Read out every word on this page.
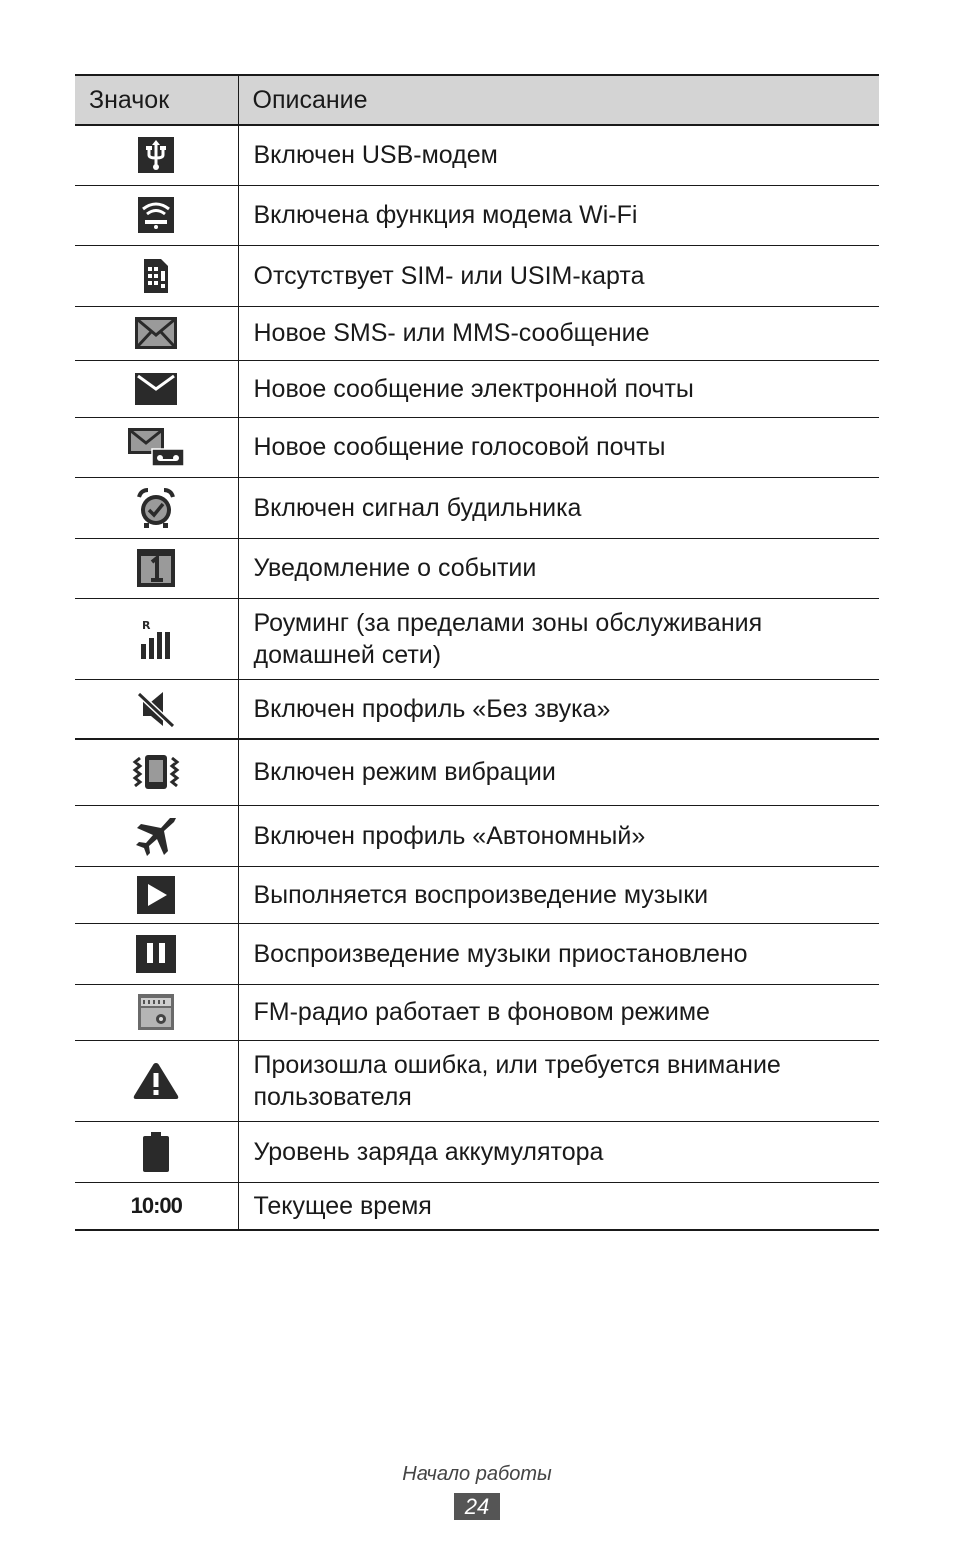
Значок	Описание
	Включен USB-модем
	Включена функция модема Wi-Fi
	Отсутствует SIM- или USIM-карта
	Новое SMS- или MMS-сообщение
	Новое сообщение электронной почты
	Новое сообщение голосовой почты
	Включен сигнал будильника
	Уведомление о событии

R	Роуминг (за пределами зоны обслуживания домашней сети)
	Включен профиль «Без звука»
	Включен режим вибрации
	Включен профиль «Автономный»
	Выполняется воспроизведение музыки
	Воспроизведение музыки приостановлено
	FM-радио работает в фоновом режиме
	Произошла ошибка, или требуется внимание пользователя
	Уровень заряда аккумулятора
10:00	Текущее время
Начало работы
24
